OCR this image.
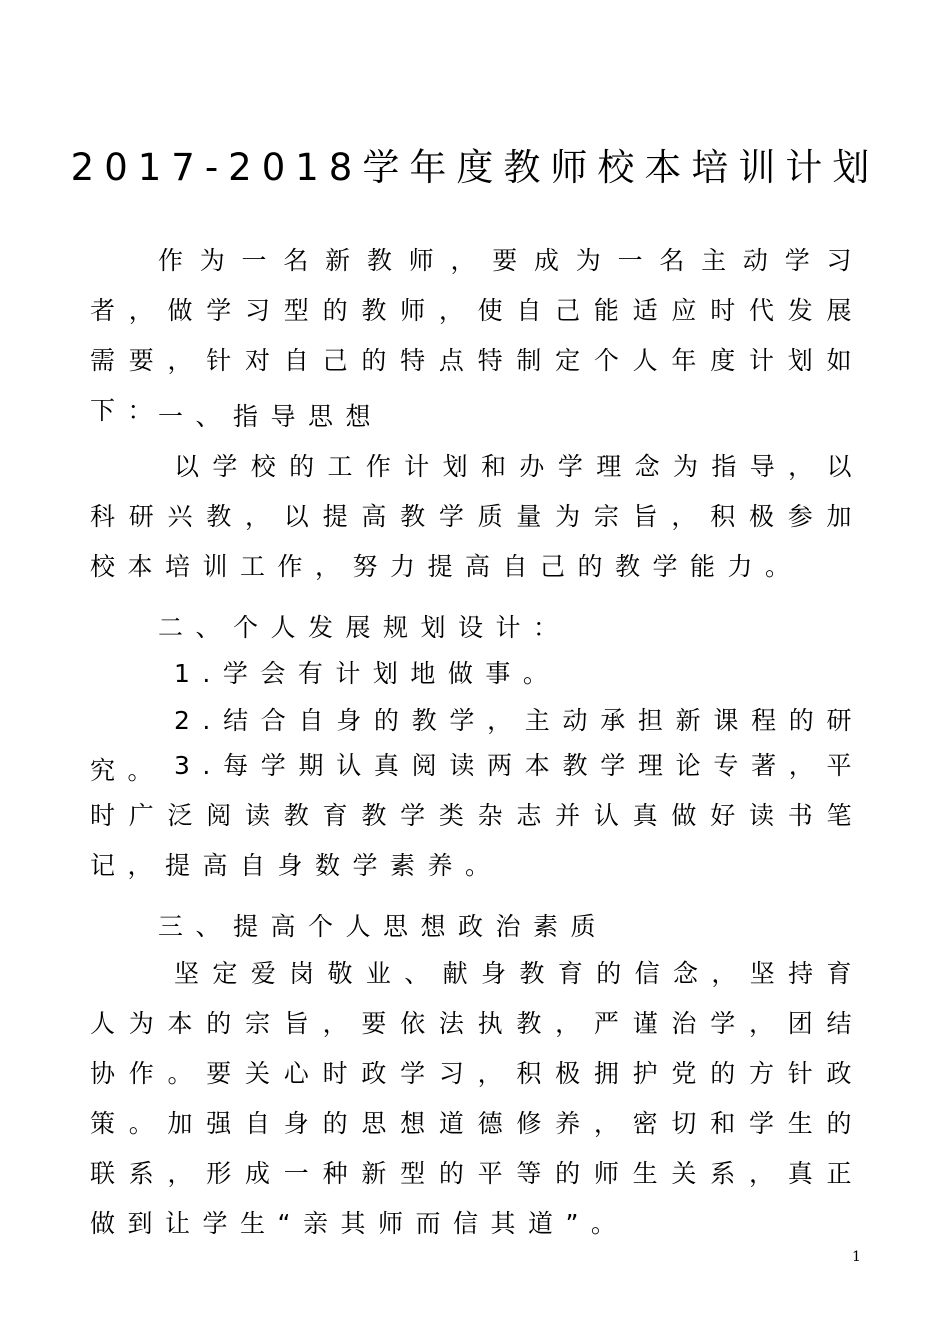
2017-2018学年度教师校本培训计划

作为一名新教师，要成为一名主动学习者，做学习型的教师，使自己能适应时代发展需要，针对自己的特点特制定个人年度计划如下：

一、指导思想

以学校的工作计划和办学理念为指导，以科研兴教，以提高教学质量为宗旨，积极参加校本培训工作，努力提高自己的教学能力。

二、个人发展规划设计：

1.学会有计划地做事。

2.结合自身的教学，主动承担新课程的研究。 3.每学期认真阅读两本教学理论专著，平时广泛阅读教育教学类杂志并认真做好读书笔记，提高自身数学素养。

三、提高个人思想政治素质

坚定爱岗敬业、献身教育的信念，坚持育人为本的宗旨，要依法执教，严谨治学，团结协作。要关心时政学习，积极拥护党的方针政策。加强自身的思想道德修养，密切和学生的联系，形成一种新型的平等的师生关系，真正做到让学生“亲其师而信其道”。

1
